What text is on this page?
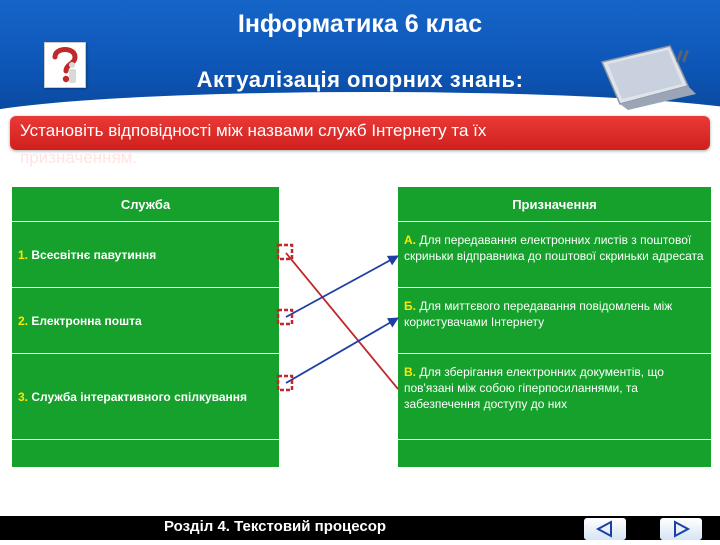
Інформатика 6 клас
Актуалізація опорних знань:
Установіть відповідності між назвами служб Інтернету та їх
призначенням.
Служба		Призначення
1. Всесвітнє павутиння		А. Для передавання електронних листів з поштової скриньки відправника до поштової скриньки адресата
2. Електронна пошта		Б. Для миттєвого передавання повідомлень між користувачами Інтернету
3. Служба інтерактивного спілкування		В. Для зберігання електронних документів, що пов'язані між собою гіперпосиланнями, та забезпечення доступу до них

Розділ 4. Текстовий процесор
